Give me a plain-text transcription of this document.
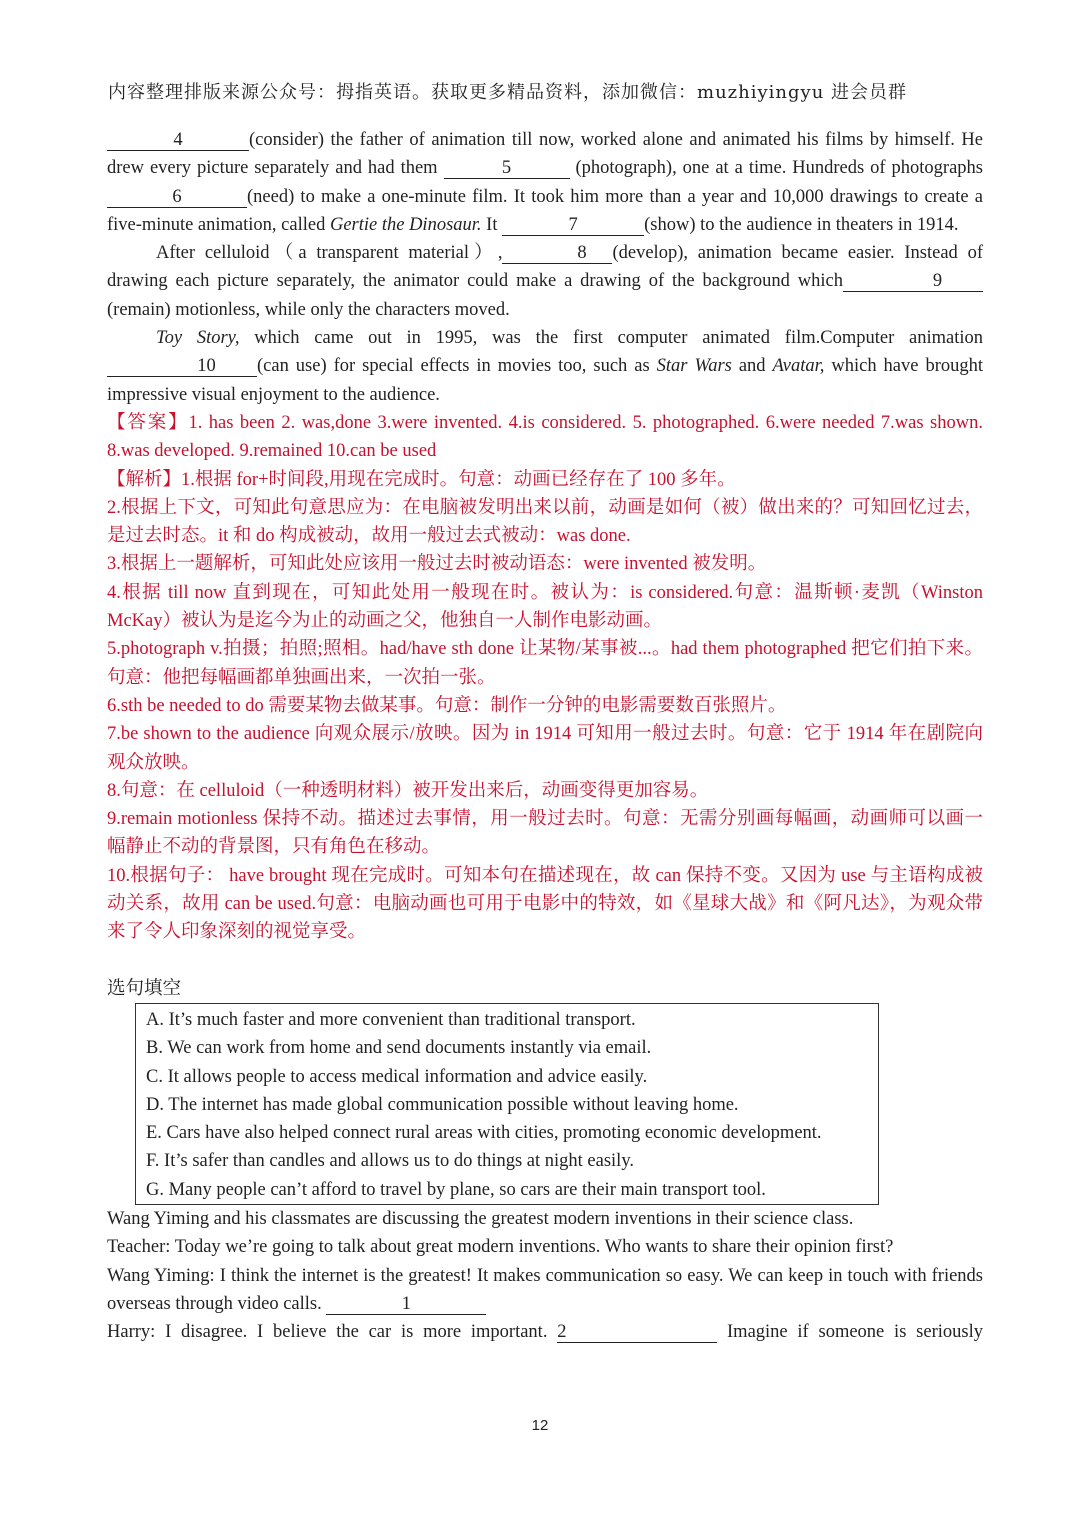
内容整理排版来源公众号：拇指英语。获取更多精品资料，添加微信：muzhiyingyu 进会员群

4	(consider) the father of animation till now, worked alone and animated his films by himself. He drew every picture separately and had them	5	(photograph), one at a time. Hundreds of photographs 6	(need) to make a one-minute film. It took him more than a year and 10,000 drawings to create a five-minute animation, called Gertie the Dinosaur. It	7	(show) to the audience in theaters in 1914.

After celluloid（a transparent material）,	8 (develop), animation became easier. Instead of drawing each picture separately, the animator could make a drawing of the background which	9(remain) motionless, while only the characters moved.

Toy Story, which came out in 1995, was the first computer animated film.Computer animation 10 (can use) for special effects in movies too, such as Star Wars and Avatar, which have brought impressive visual enjoyment to the audience.

【答案】1. has been 2. was,done 3.were invented. 4.is considered. 5. photographed. 6.were needed 7.was shown. 8.was developed. 9.remained 10.can be used

【解析】1.根据 for+时间段,用现在完成时。句意：动画已经存在了 100 多年。

2.根据上下文，可知此句意思应为：在电脑被发明出来以前，动画是如何（被）做出来的？可知回忆过去，是过去时态。it 和 do 构成被动，故用一般过去式被动：was done.

3.根据上一题解析，可知此处应该用一般过去时被动语态：were invented 被发明。

4.根据 till now 直到现在，可知此处用一般现在时。被认为：is considered.句意：温斯顿·麦凯（Winston McKay）被认为是迄今为止的动画之父，他独自一人制作电影动画。

5.photograph v.拍摄；拍照;照相。had/have sth done 让某物/某事被...。had them photographed 把它们拍下来。句意：他把每幅画都单独画出来，一次拍一张。

6.sth be needed to do 需要某物去做某事。句意：制作一分钟的电影需要数百张照片。

7.be shown to the audience 向观众展示/放映。因为 in 1914 可知用一般过去时。句意：它于 1914 年在剧院向观众放映。

8.句意：在 celluloid（一种透明材料）被开发出来后，动画变得更加容易。

9.remain motionless 保持不动。描述过去事情，用一般过去时。句意：无需分别画每幅画，动画师可以画一幅静止不动的背景图，只有角色在移动。

10.根据句子： have brought 现在完成时。可知本句在描述现在，故 can 保持不变。又因为 use 与主语构成被动关系，故用 can be used.句意：电脑动画也可用于电影中的特效，如《星球大战》和《阿凡达》，为观众带来了令人印象深刻的视觉享受。

选句填空

A. It’s much faster and more convenient than traditional transport.
B. We can work from home and send documents instantly via email.
C. It allows people to access medical information and advice easily.
D. The internet has made global communication possible without leaving home.
E. Cars have also helped connect rural areas with cities, promoting economic development.
F. It’s safer than candles and allows us to do things at night easily.
G. Many people can’t afford to travel by plane, so cars are their main transport tool.

Wang Yiming and his classmates are discussing the greatest modern inventions in their science class.

Teacher: Today we’re going to talk about great modern inventions. Who wants to share their opinion first?

Wang Yiming: I think the internet is the greatest! It makes communication so easy. We can keep in touch with friends overseas through video calls.	1

Harry: I disagree. I believe the car is more important. 2	Imagine if someone is seriously

12
